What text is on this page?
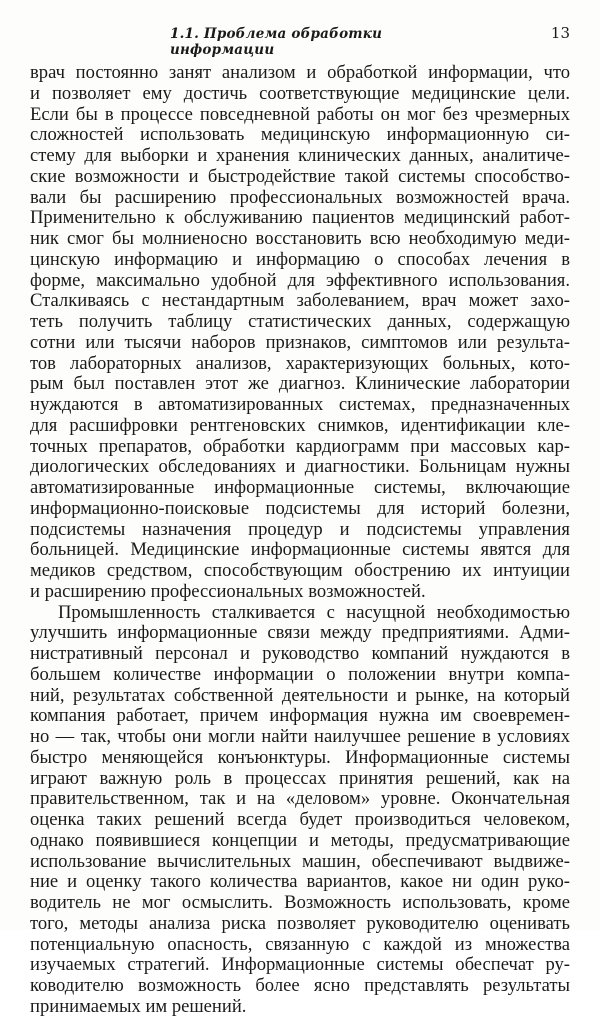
1.1. Проблема обработки информации
13
врач постоянно занят анализом и обработкой информации, что
и позволяет ему достичь соответствующие медицинские цели.
Если бы в процессе повседневной работы он мог без чрезмерных
сложностей использовать медицинскую информационную си-
стему для выборки и хранения клинических данных, аналитиче-
ские возможности и быстродействие такой системы способство-
вали бы расширению профессиональных возможностей врача.
Применительно к обслуживанию пациентов медицинский работ-
ник смог бы молниеносно восстановить всю необходимую меди-
цинскую информацию и информацию о способах лечения в
форме, максимально удобной для эффективного использования.
Сталкиваясь с нестандартным заболеванием, врач может захо-
теть получить таблицу статистических данных, содержащую
сотни или тысячи наборов признаков, симптомов или результа-
тов лабораторных анализов, характеризующих больных, кото-
рым был поставлен этот же диагноз. Клинические лаборатории
нуждаются в автоматизированных системах, предназначенных
для расшифровки рентгеновских снимков, идентификации кле-
точных препаратов, обработки кардиограмм при массовых кар-
диологических обследованиях и диагностики. Больницам нужны
автоматизированные информационные системы, включающие
информационно-поисковые подсистемы для историй болезни,
подсистемы назначения процедур и подсистемы управления
больницей. Медицинские информационные системы явятся для
медиков средством, способствующим обострению их интуиции
и расширению профессиональных возможностей.
Промышленность сталкивается с насущной необходимостью
улучшить информационные связи между предприятиями. Адми-
нистративный персонал и руководство компаний нуждаются в
большем количестве информации о положении внутри компа-
ний, результатах собственной деятельности и рынке, на который
компания работает, причем информация нужна им своевремен-
но — так, чтобы они могли найти наилучшее решение в условиях
быстро меняющейся конъюнктуры. Информационные системы
играют важную роль в процессах принятия решений, как на
правительственном, так и на «деловом» уровне. Окончательная
оценка таких решений всегда будет производиться человеком,
однако появившиеся концепции и методы, предусматривающие
использование вычислительных машин, обеспечивают выдвиже-
ние и оценку такого количества вариантов, какое ни один руко-
водитель не мог осмыслить. Возможность использовать, кроме
того, методы анализа риска позволяет руководителю оценивать
потенциальную опасность, связанную с каждой из множества
изучаемых стратегий. Информационные системы обеспечат ру-
ководителю возможность более ясно представлять результаты
принимаемых им решений.
